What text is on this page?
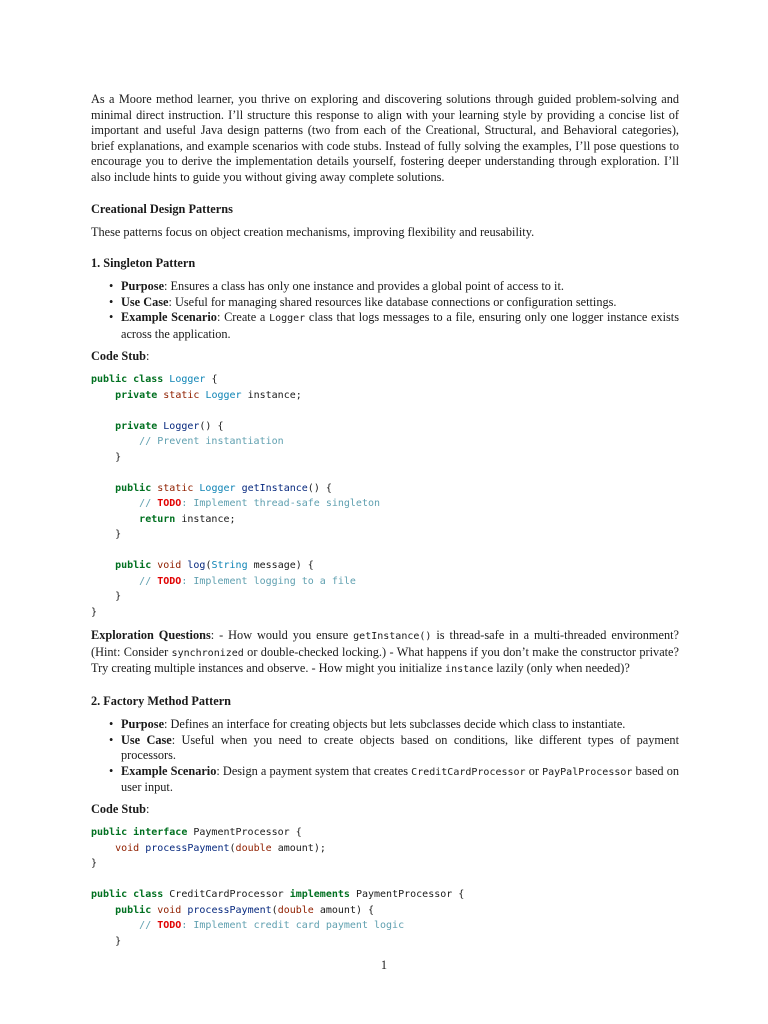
As a Moore method learner, you thrive on exploring and discovering solutions through guided problem-solving and minimal direct instruction. I’ll structure this response to align with your learning style by providing a concise list of important and useful Java design patterns (two from each of the Creational, Structural, and Behavioral categories), brief explanations, and example scenarios with code stubs. Instead of fully solving the examples, I’ll pose questions to encourage you to derive the implementation details yourself, fostering deeper understanding through exploration. I’ll also include hints to guide you without giving away complete solutions.

Creational Design Patterns

These patterns focus on object creation mechanisms, improving flexibility and reusability.

1. Singleton Pattern

• Purpose: Ensures a class has only one instance and provides a global point of access to it.
• Use Case: Useful for managing shared resources like database connections or configuration settings.
• Example Scenario: Create a Logger class that logs messages to a file, ensuring only one logger instance exists across the application.

Code Stub:

public class Logger {
private static Logger instance;

private Logger() {
// Prevent instantiation
}

public static Logger getInstance() {
// TODO: Implement thread-safe singleton
return instance;
}

public void log(String message) {
// TODO: Implement logging to a file
}
}

Exploration Questions: - How would you ensure getInstance() is thread-safe in a multi-threaded environment? (Hint: Consider synchronized or double-checked locking.) - What happens if you don’t make the constructor private? Try creating multiple instances and observe. - How might you initialize instance lazily (only when needed)?

2. Factory Method Pattern

• Purpose: Defines an interface for creating objects but lets subclasses decide which class to instantiate.
• Use Case: Useful when you need to create objects based on conditions, like different types of payment processors.
• Example Scenario: Design a payment system that creates CreditCardProcessor or PayPalProcessor based on user input.

Code Stub:

public interface PaymentProcessor {
void processPayment(double amount);
}

public class CreditCardProcessor implements PaymentProcessor {
public void processPayment(double amount) {
// TODO: Implement credit card payment logic
}
1
